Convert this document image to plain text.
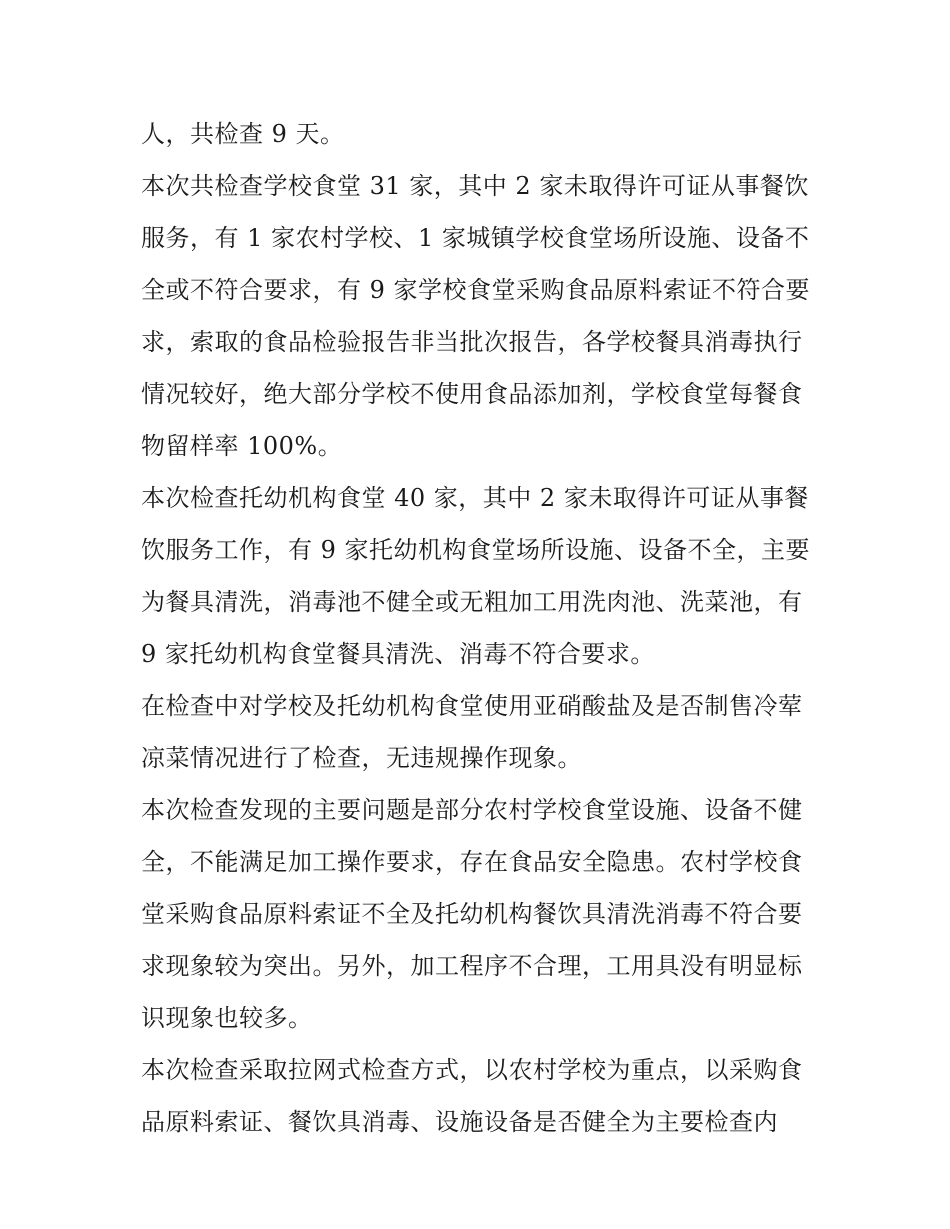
人，共检查 9 天。
本次共检查学校食堂 31 家，其中 2 家未取得许可证从事餐饮
服务，有 1 家农村学校、1 家城镇学校食堂场所设施、设备不
全或不符合要求，有 9 家学校食堂采购食品原料索证不符合要
求，索取的食品检验报告非当批次报告，各学校餐具消毒执行
情况较好，绝大部分学校不使用食品添加剂，学校食堂每餐食
物留样率 100%。
本次检查托幼机构食堂 40 家，其中 2 家未取得许可证从事餐
饮服务工作，有 9 家托幼机构食堂场所设施、设备不全，主要
为餐具清洗，消毒池不健全或无粗加工用洗肉池、洗菜池，有
9 家托幼机构食堂餐具清洗、消毒不符合要求。
在检查中对学校及托幼机构食堂使用亚硝酸盐及是否制售冷荤
凉菜情况进行了检查，无违规操作现象。
本次检查发现的主要问题是部分农村学校食堂设施、设备不健
全，不能满足加工操作要求，存在食品安全隐患。农村学校食
堂采购食品原料索证不全及托幼机构餐饮具清洗消毒不符合要
求现象较为突出。另外，加工程序不合理，工用具没有明显标
识现象也较多。
本次检查采取拉网式检查方式，以农村学校为重点，以采购食
品原料索证、餐饮具消毒、设施设备是否健全为主要检查内
